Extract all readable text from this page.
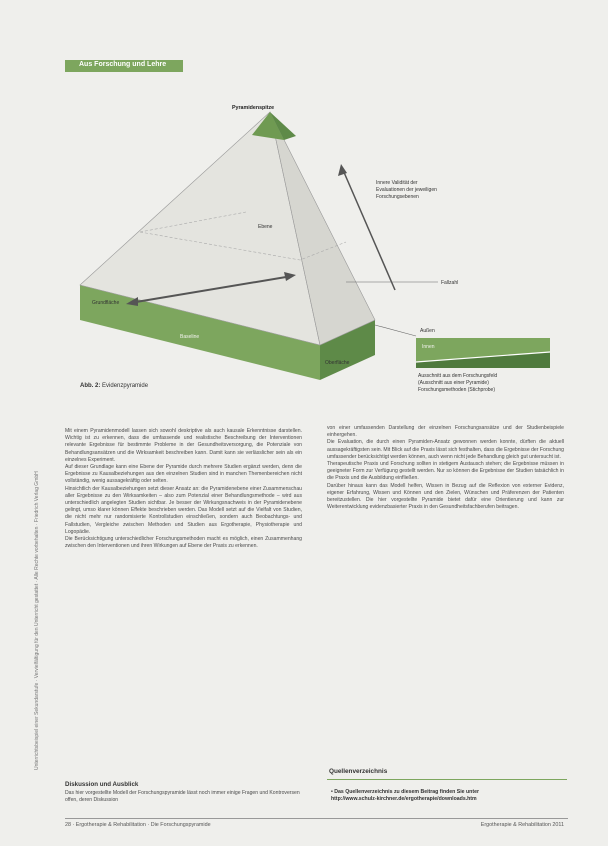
Unterrichtsbeispiel einer Sekundarstufe · Vervielfältigung für den Unterricht gestattet · Alle Rechte vorbehalten · Friedrich Verlag GmbH
Aus Forschung und Lehre
Pyramidenspitze
Innere Validität der
Evaluationen der jeweiligen
Forschungsebenen
Ebene
Grundfläche
Baseline
Oberfläche
Fallzahl
Außen
Innen
Ausschnitt aus dem Forschungsfeld
(Ausschnitt aus einer Pyramide)
Forschungsmethoden (Stichprobe)
Abb. 2: Evidenzpyramide

Mit einem Pyramidenmodell lassen sich sowohl deskriptive als auch kausale Erkenntnisse darstellen. Wichtig ist zu erkennen, dass die umfassende und realistische Beschreibung der Interventionen relevante Ergebnisse für bestimmte Probleme in der Gesundheitsversorgung, die Potenziale von Behandlungsansätzen und die Wirksamkeit beschreiben kann. Damit kann sie verlässlicher sein als ein einzelnes Experiment.

Auf dieser Grundlage kann eine Ebene der Pyramide durch mehrere Studien ergänzt werden, denn die Ergebnisse zu Kausalbeziehungen aus den einzelnen Studien sind in manchen Themenbereichen nicht vollständig, wenig aussagekräftig oder selten.

Hinsichtlich der Kausalbeziehungen setzt dieser Ansatz an: die Pyramidenebene einer Zusammenschau aller Ergebnisse zu den Wirksamkeiten – also zum Potenzial einer Behandlungsmethode – wird aus unterschiedlich angelegten Studien sichtbar. Je besser der Wirkungsnachweis in der Pyramidenebene gelingt, umso klarer können Effekte beschrieben werden. Das Modell setzt auf die Vielfalt von Studien, die nicht mehr nur randomisierte Kontrollstudien einschließen, sondern auch Beobachtungs- und Fallstudien, Vergleiche zwischen Methoden und Studien aus Ergotherapie, Physiotherapie und Logopädie.

Die Berücksichtigung unterschiedlicher Forschungsmethoden macht es möglich, einen Zusammenhang zwischen den Interventionen und ihren Wirkungen auf Ebene der Praxis zu erkennen.

Diskussion und Ausblick
Das hier vorgestellte Modell der Forschungspyramide lässt noch immer einige Fragen und Kontroversen offen, deren Diskussion

von einer umfassenden Darstellung der einzelnen Forschungsansätze und der Studienbeispiele einhergehen.

Die Evaluation, die durch einen Pyramiden-Ansatz gewonnen werden konnte, dürften die aktuell aussagekräftigsten sein. Mit Blick auf die Praxis lässt sich festhalten, dass die Ergebnisse der Forschung umfassender berücksichtigt werden können, auch wenn nicht jede Behandlung gleich gut untersucht ist.

Therapeutische Praxis und Forschung sollten in stetigem Austausch stehen; die Ergebnisse müssen in geeigneter Form zur Verfügung gestellt werden. Nur so können die Ergebnisse der Studien tatsächlich in die Praxis und die Ausbildung einfließen.

Darüber hinaus kann das Modell helfen, Wissen in Bezug auf die Reflexion von externer Evidenz, eigener Erfahrung, Wissen und Können und den Zielen, Wünschen und Präferenzen der Patienten bereitzustellen. Die hier vorgestellte Pyramide bietet dafür eine Orientierung und kann zur Weiterentwicklung evidenzbasierter Praxis in den Gesundheitsfachberufen beitragen.

Quellenverzeichnis
• Das Quellenverzeichnis zu diesem Beitrag finden Sie unter
http://www.schulz-kirchner.de/ergotherapie/downloads.htm
28 · Ergotherapie & Rehabilitation · Die Forschungspyramide	Ergotherapie & Rehabilitation 2011
